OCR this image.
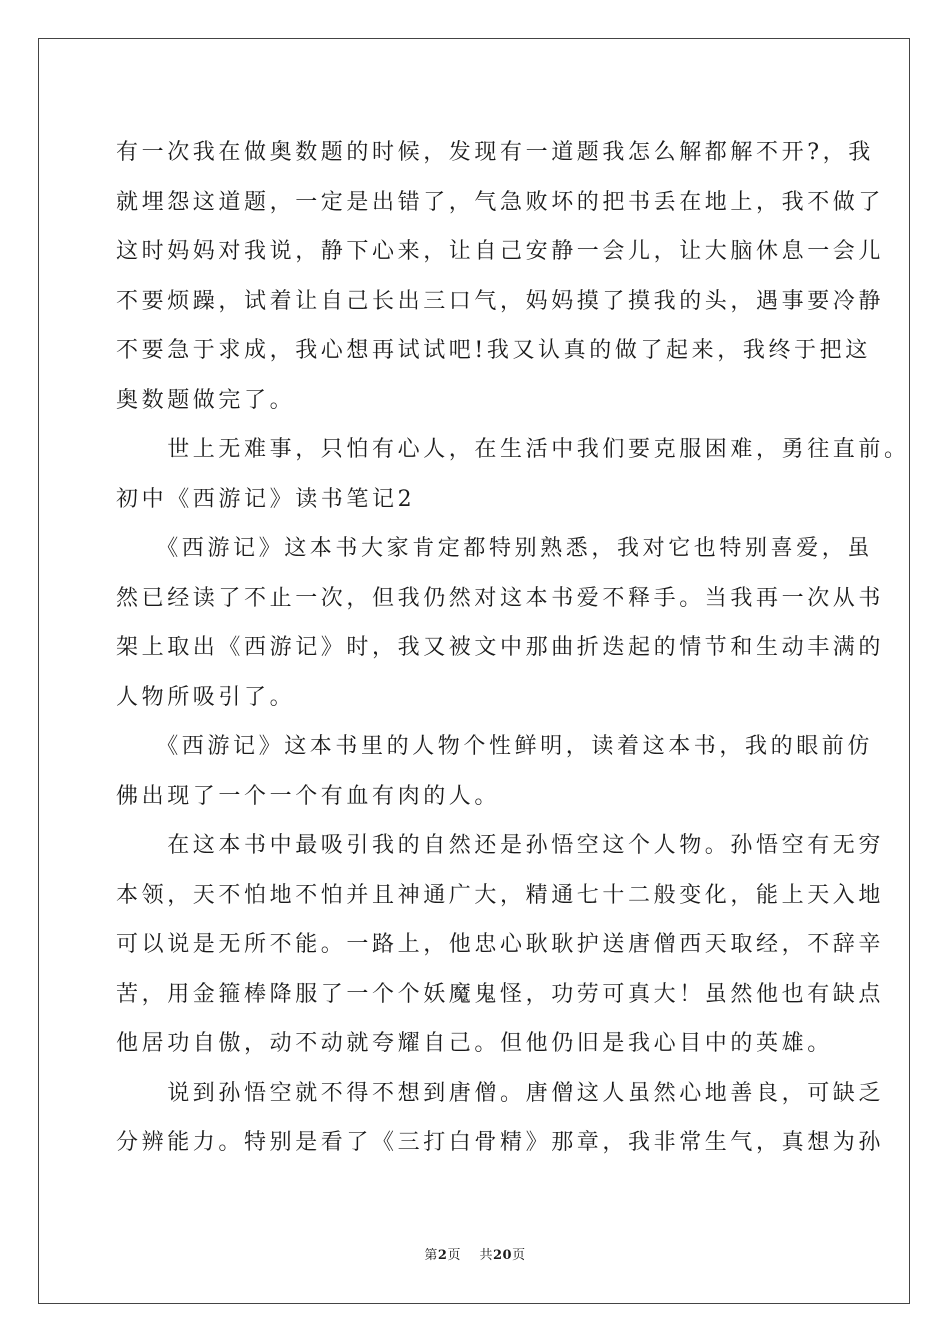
有一次我在做奥数题的时候，发现有一道题我怎么解都解不开?，我
就埋怨这道题，一定是出错了，气急败坏的把书丢在地上，我不做了
这时妈妈对我说，静下心来，让自己安静一会儿，让大脑休息一会儿
不要烦躁，试着让自己长出三口气，妈妈摸了摸我的头，遇事要冷静
不要急于求成，我心想再试试吧!我又认真的做了起来，我终于把这
奥数题做完了。
　　世上无难事，只怕有心人，在生活中我们要克服困难，勇往直前。
初中《西游记》读书笔记2
　　《西游记》这本书大家肯定都特别熟悉，我对它也特别喜爱，虽
然已经读了不止一次，但我仍然对这本书爱不释手。当我再一次从书
架上取出《西游记》时，我又被文中那曲折迭起的情节和生动丰满的
人物所吸引了。
　　《西游记》这本书里的人物个性鲜明，读着这本书，我的眼前仿
佛出现了一个一个有血有肉的人。
　　在这本书中最吸引我的自然还是孙悟空这个人物。孙悟空有无穷
本领，天不怕地不怕并且神通广大，精通七十二般变化，能上天入地
可以说是无所不能。一路上，他忠心耿耿护送唐僧西天取经，不辞辛
苦，用金箍棒降服了一个个妖魔鬼怪，功劳可真大！虽然他也有缺点
他居功自傲，动不动就夸耀自己。但他仍旧是我心目中的英雄。
　　说到孙悟空就不得不想到唐僧。唐僧这人虽然心地善良，可缺乏
分辨能力。特别是看了《三打白骨精》那章，我非常生气，真想为孙
第2页 共20页
